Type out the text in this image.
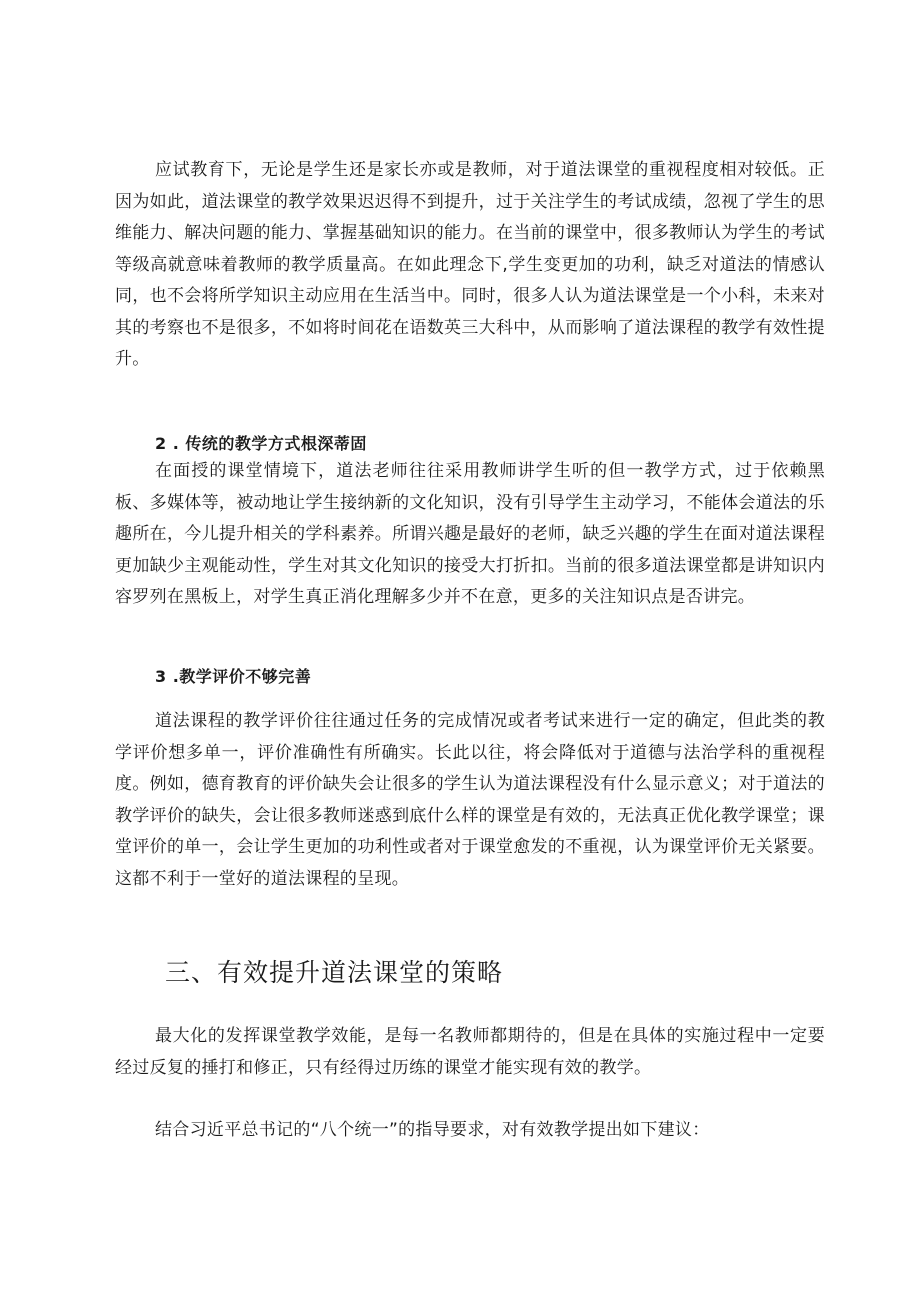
应试教育下，无论是学生还是家长亦或是教师，对于道法课堂的重视程度相对较低。正因为如此，道法课堂的教学效果迟迟得不到提升，过于关注学生的考试成绩，忽视了学生的思维能力、解决问题的能力、掌握基础知识的能力。在当前的课堂中，很多教师认为学生的考试等级高就意味着教师的教学质量高。在如此理念下,学生变更加的功利，缺乏对道法的情感认同，也不会将所学知识主动应用在生活当中。同时，很多人认为道法课堂是一个小科，未来对其的考察也不是很多，不如将时间花在语数英三大科中，从而影响了道法课程的教学有效性提升。

2 . 传统的教学方式根深蒂固

在面授的课堂情境下，道法老师往往采用教师讲学生听的但一教学方式，过于依赖黑板、多媒体等，被动地让学生接纳新的文化知识，没有引导学生主动学习，不能体会道法的乐趣所在，今儿提升相关的学科素养。所谓兴趣是最好的老师，缺乏兴趣的学生在面对道法课程更加缺少主观能动性，学生对其文化知识的接受大打折扣。当前的很多道法课堂都是讲知识内容罗列在黑板上，对学生真正消化理解多少并不在意，更多的关注知识点是否讲完。

3 .教学评价不够完善

道法课程的教学评价往往通过任务的完成情况或者考试来进行一定的确定，但此类的教学评价想多单一，评价准确性有所确实。长此以往，将会降低对于道德与法治学科的重视程度。例如，德育教育的评价缺失会让很多的学生认为道法课程没有什么显示意义；对于道法的教学评价的缺失，会让很多教师迷惑到底什么样的课堂是有效的，无法真正优化教学课堂；课堂评价的单一，会让学生更加的功利性或者对于课堂愈发的不重视，认为课堂评价无关紧要。这都不利于一堂好的道法课程的呈现。

三、有效提升道法课堂的策略

最大化的发挥课堂教学效能，是每一名教师都期待的，但是在具体的实施过程中一定要经过反复的捶打和修正，只有经得过历练的课堂才能实现有效的教学。

结合习近平总书记的“八个统一”的指导要求，对有效教学提出如下建议：
